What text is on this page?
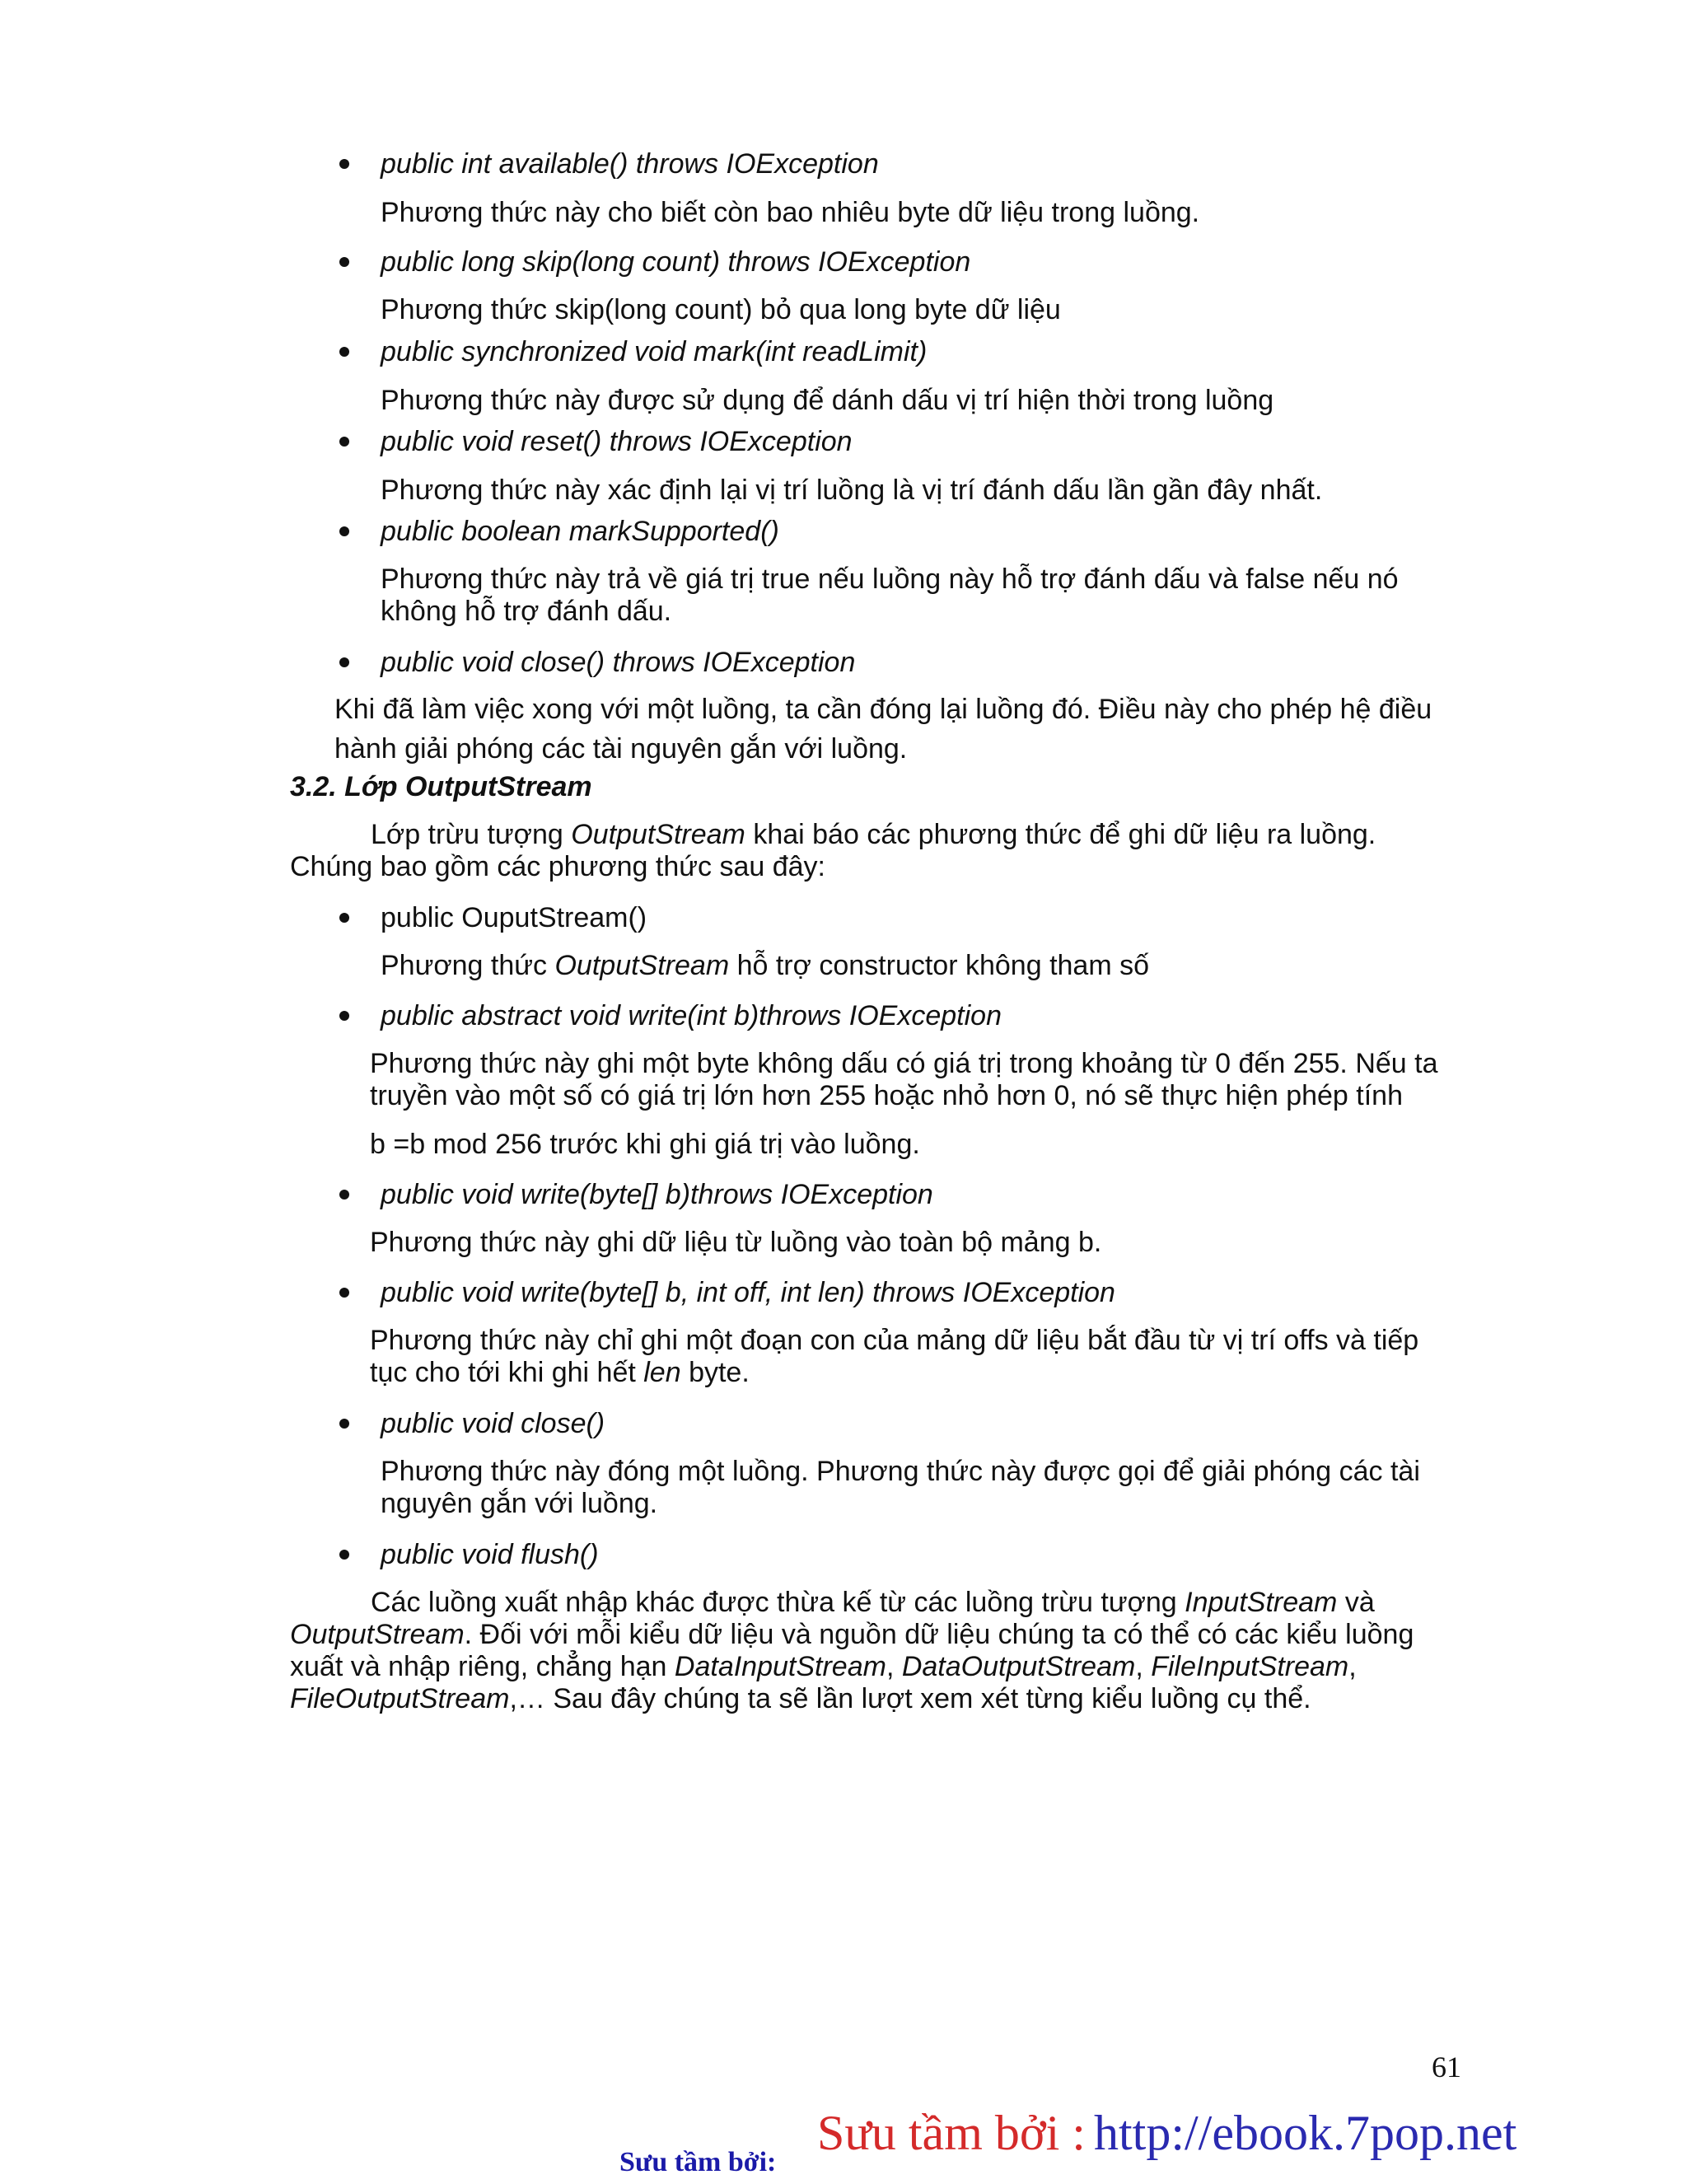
public int available() throws IOException

Phương thức này cho biết còn bao nhiêu byte dữ liệu trong luồng.

public long skip(long count) throws IOException

Phương thức skip(long count) bỏ qua long byte dữ liệu

public synchronized void mark(int readLimit)

Phương thức này được sử dụng để dánh dấu vị trí hiện thời trong luồng

public void reset() throws IOException

Phương thức này xác định lại vị trí luồng là vị trí đánh dấu lần gần đây nhất.

public boolean markSupported()

Phương thức này trả về giá trị true nếu luồng này hỗ trợ đánh dấu và false nếu nó

không hỗ trợ đánh dấu.

public void close() throws IOException

Khi đã làm việc xong với một luồng, ta cần đóng lại luồng đó. Điều này cho phép hệ điều

hành giải phóng các tài nguyên gắn với luồng.

3.2. Lớp OutputStream

Lớp trừu tượng OutputStream khai báo các phương thức để ghi dữ liệu ra luồng.

Chúng bao gồm các phương thức sau đây:

public OuputStream()

Phương thức OutputStream hỗ trợ constructor không tham số

public abstract void write(int b)throws IOException

Phương thức này ghi một byte không dấu có giá trị trong khoảng từ 0 đến 255. Nếu ta

truyền vào một số có giá trị lớn hơn 255 hoặc nhỏ hơn 0, nó sẽ thực hiện phép tính

b =b mod 256 trước khi ghi giá trị vào luồng.

public void write(byte[] b)throws IOException

Phương thức này ghi dữ liệu từ luồng vào toàn bộ mảng b.

public void write(byte[] b, int off, int len) throws IOException

Phương thức này chỉ ghi một đoạn con của mảng dữ liệu bắt đầu từ vị trí offs và tiếp

tục cho tới khi ghi hết len byte.

public void close()

Phương thức này đóng một luồng. Phương thức này được gọi để giải phóng các tài

nguyên gắn với luồng.

public void flush()

Các luồng xuất nhập khác được thừa kế từ các luồng trừu tượng InputStream và

OutputStream. Đối với mỗi kiểu dữ liệu và nguồn dữ liệu chúng ta có thể có các kiểu luồng

xuất và nhập riêng, chẳng hạn DataInputStream, DataOutputStream, FileInputStream,

FileOutputStream,… Sau đây chúng ta sẽ lần lượt xem xét từng kiểu luồng cụ thể.

61
Sưu tầm bởi : http://ebook.7pop.net
Sưu tầm bởi:
